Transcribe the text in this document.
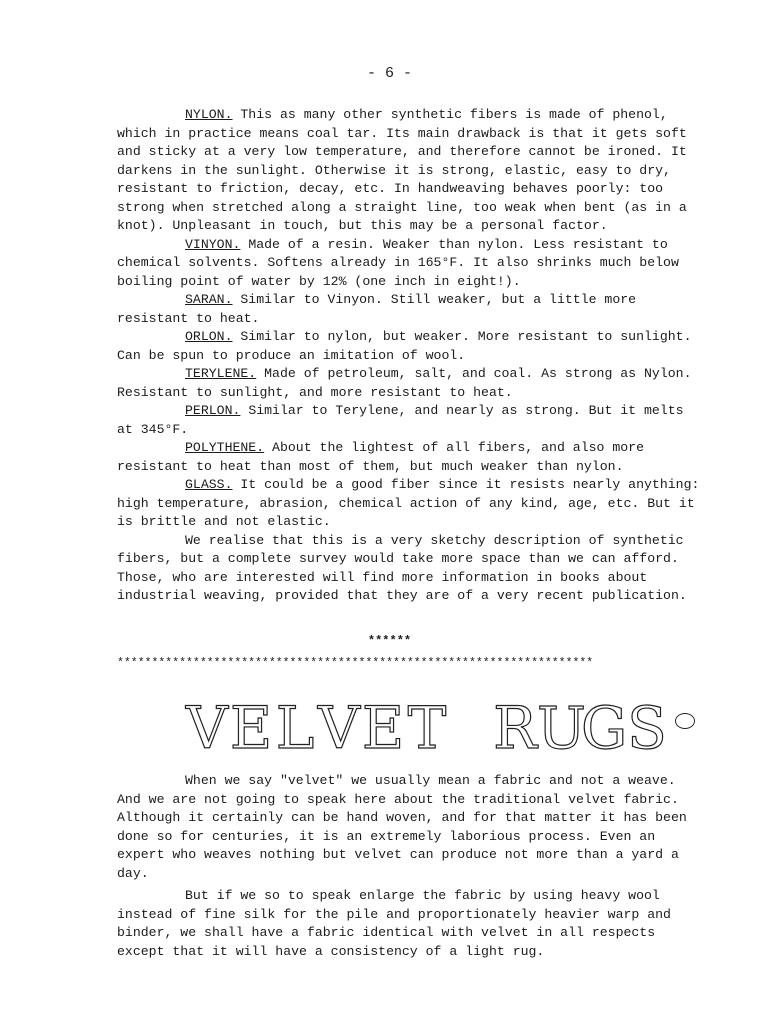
- 6 -

NYLON. This as many other synthetic fibers is made of phenol, which in practice means coal tar. Its main drawback is that it gets soft and sticky at a very low temperature, and therefore cannot be ironed. It darkens in the sunlight. Otherwise it is strong, elastic, easy to dry, resistant to friction, decay, etc. In handweaving behaves poorly: too strong when stretched along a straight line, too weak when bent (as in a knot). Unpleasant in touch, but this may be a personal factor.

VINYON. Made of a resin. Weaker than nylon. Less resistant to chemical solvents. Softens already in 165°F. It also shrinks much below boiling point of water by 12% (one inch in eight!).

SARAN. Similar to Vinyon. Still weaker, but a little more resistant to heat.

ORLON. Similar to nylon, but weaker. More resistant to sunlight. Can be spun to produce an imitation of wool.

TERYLENE. Made of petroleum, salt, and coal. As strong as Nylon. Resistant to sunlight, and more resistant to heat.

PERLON. Similar to Terylene, and nearly as strong. But it melts at 345°F.

POLYTHENE. About the lightest of all fibers, and also more resistant to heat than most of them, but much weaker than nylon.

GLASS. It could be a good fiber since it resists nearly anything: high temperature, abrasion, chemical action of any kind, age, etc. But it is brittle and not elastic.

We realise that this is a very sketchy description of synthetic fibers, but a complete survey would take more space than we can afford. Those, who are interested will find more information in books about industrial weaving, provided that they are of a very recent publication.

******
*********************************************************************
VELVET RUGS

When we say "velvet" we usually mean a fabric and not a weave. And we are not going to speak here about the traditional velvet fabric. Although it certainly can be hand woven, and for that matter it has been done so for centuries, it is an extremely laborious process. Even an expert who weaves nothing but velvet can produce not more than a yard a day.

But if we so to speak enlarge the fabric by using heavy wool instead of fine silk for the pile and proportionately heavier warp and binder, we shall have a fabric identical with velvet in all respects except that it will have a consistency of a light rug.
